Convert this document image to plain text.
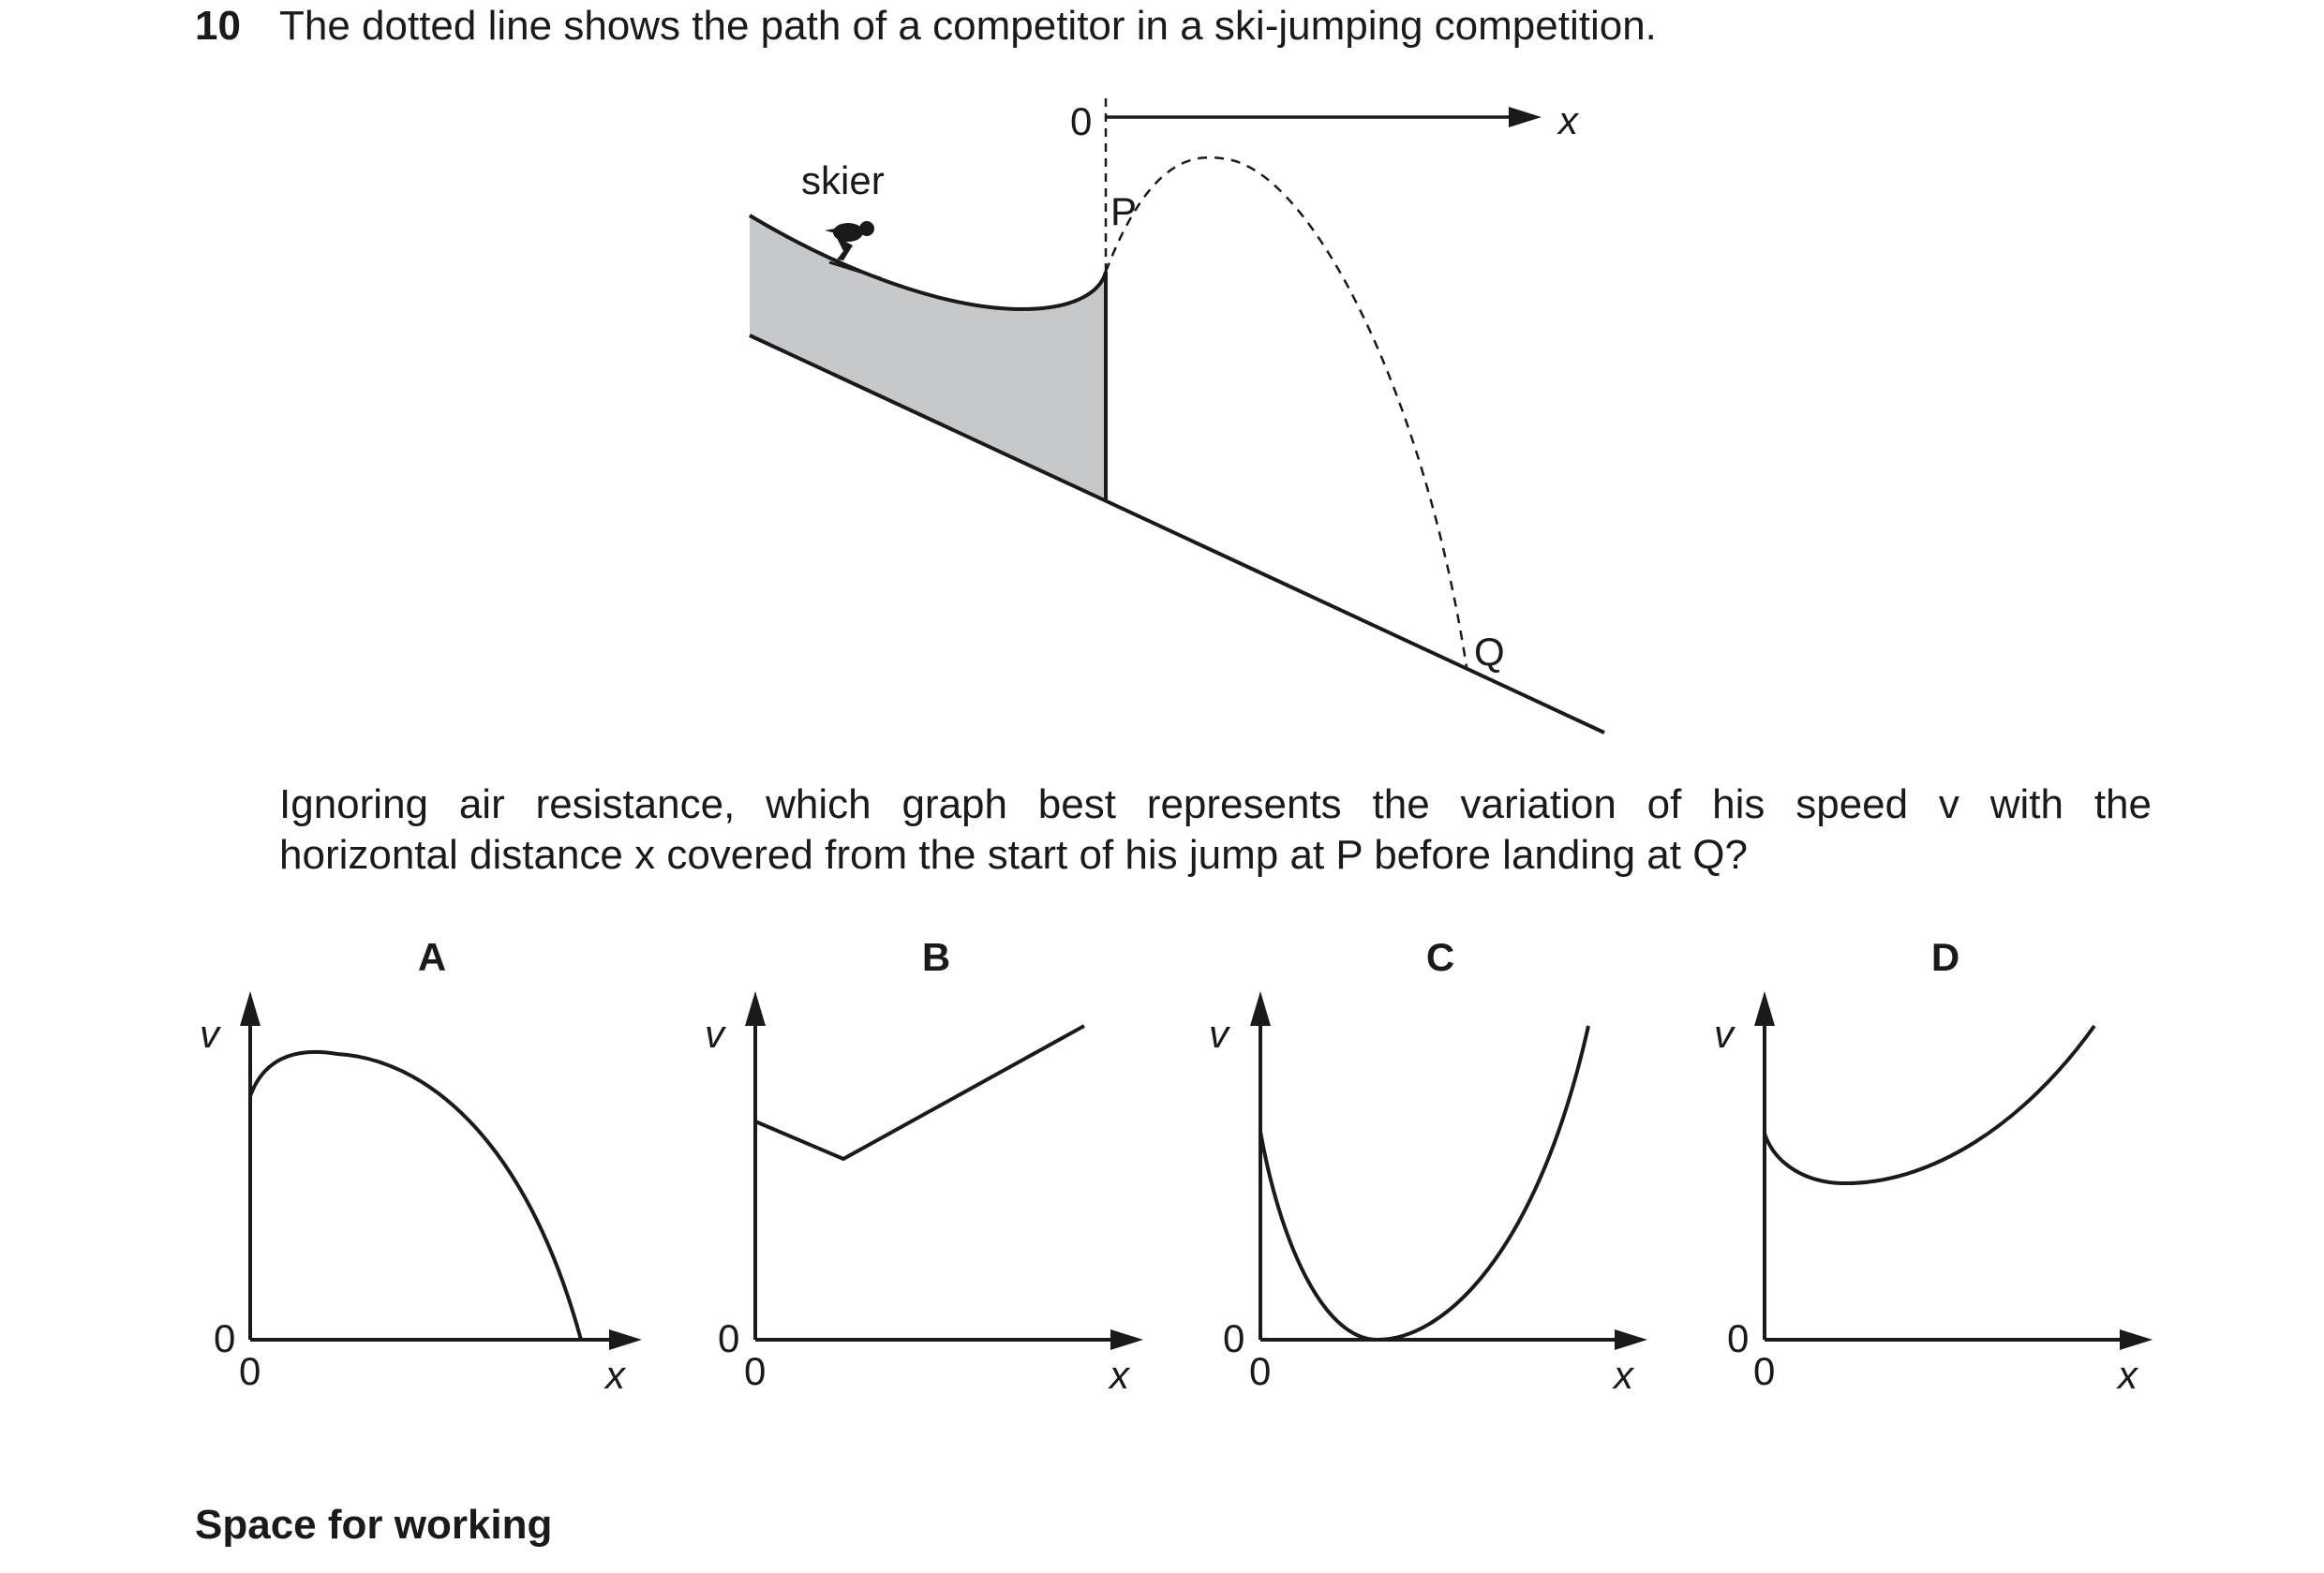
10 The dotted line shows the path of a competitor in a ski-jumping competition.
skier
0	x
P
Q
A
v
0
0	x
B
v
0
0	x
C
v
0
0	x
D
v
0
0	x
Ignoring air resistance, which graph best represents the variation of his speed v with the
horizontal distance x covered from the start of his jump at P before landing at Q?
Space for working
